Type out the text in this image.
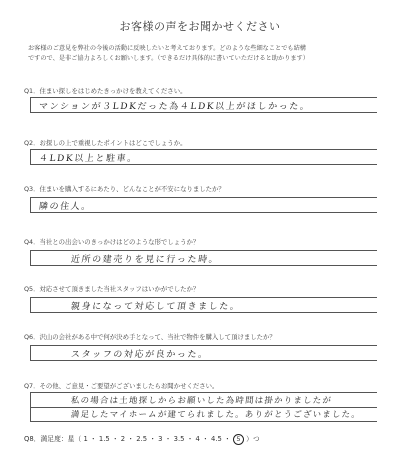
お客様の声をお聞かせください
お客様のご意見を弊社の今後の活動に反映したいと考えております。どのような些細なことでも結構
ですので、是非ご協力よろしくお願いします。（できるだけ具体的に書いていただけると助かります）
Q1．住まい探しをはじめたきっかけを教えてください。
マンションが３LDKだった為４LDK以上がほしかった。
Q2．お探しの上で重視したポイントはどこでしょうか。
４LDK以上と駐車。
Q3．住まいを購入するにあたり、どんなことが不安になりましたか？
隣の住人。
Q4．当社との出会いのきっかけはどのような形でしょうか？
近所の建売りを見に行った時。
Q5．対応させて頂きました当社スタッフはいかがでしたか？
親身になって対応して頂きました。
Q6．沢山の会社がある中で何が決め手となって、当社で物件を購入して頂けましたか？
スタッフの対応が良かった。
Q7．その他、ご意見・ご要望がございましたらお聞かせください。
私の場合は土地探しからお願いした為時間は掛かりましたが
満足したマイホームが建てられました。ありがとうございました。
Q8．満足度：星（ 1 ・ 1.5 ・ 2 ・ 2.5 ・ 3 ・ 3.5 ・ 4 ・ 4.5 ・ 5 ）つ
